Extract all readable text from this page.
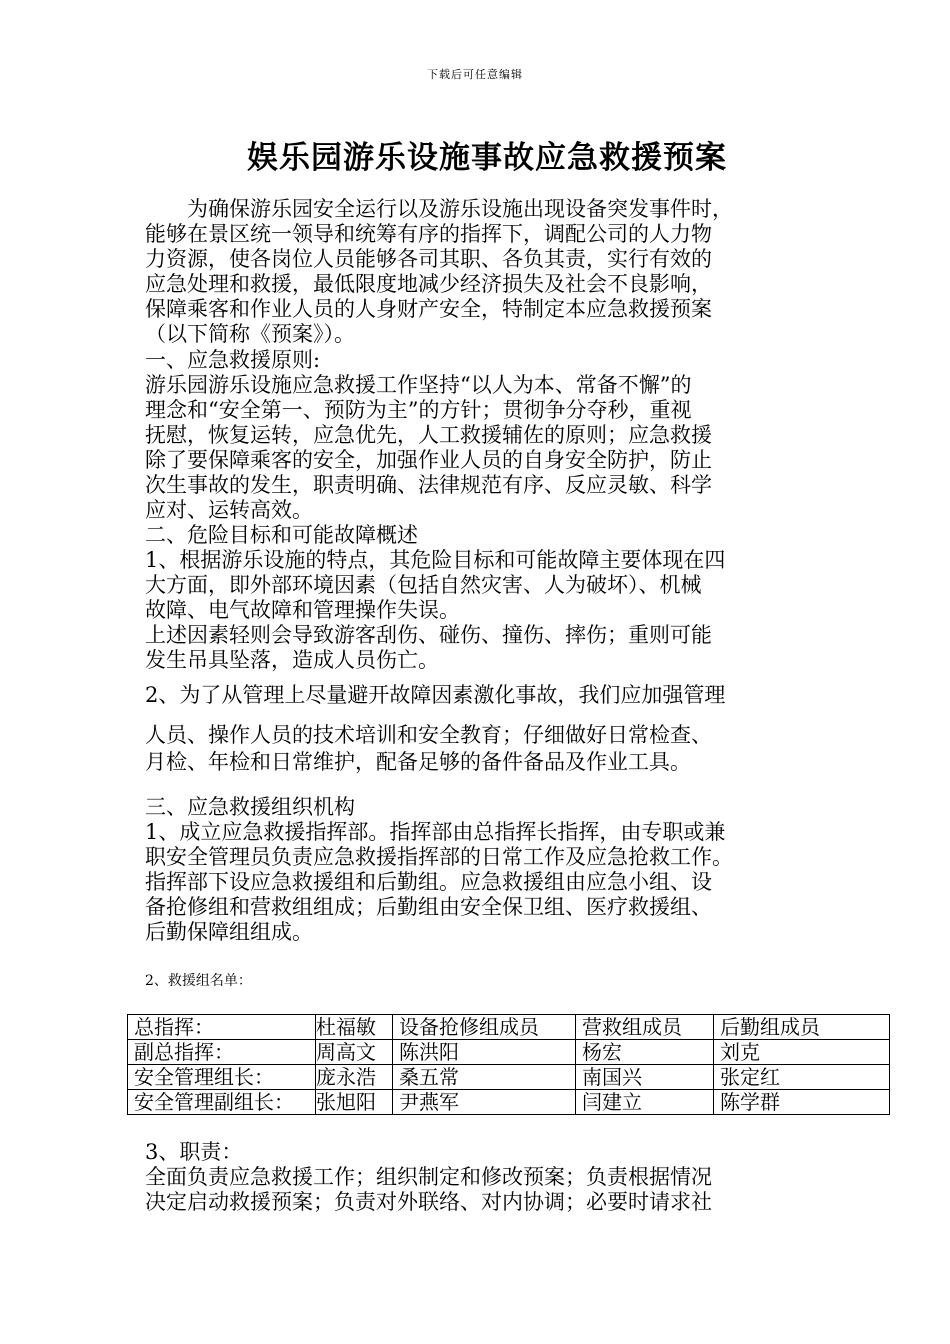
下载后可任意编辑
娱乐园游乐设施事故应急救援预案

　　为确保游乐园安全运行以及游乐设施出现设备突发事件时，
能够在景区统一领导和统筹有序的指挥下，调配公司的人力物
力资源，使各岗位人员能够各司其职、各负其责，实行有效的
应急处理和救援，最低限度地减少经济损失及社会不良影响，
保障乘客和作业人员的人身财产安全，特制定本应急救援预案
（以下简称《预案》）。

一、应急救援原则:

游乐园游乐设施应急救援工作坚持“以人为本、常备不懈”的
理念和“安全第一、预防为主”的方针；贯彻争分夺秒，重视
抚慰，恢复运转，应急优先，人工救援辅佐的原则；应急救援
除了要保障乘客的安全，加强作业人员的自身安全防护，防止
次生事故的发生，职责明确、法律规范有序、反应灵敏、科学
应对、运转高效。

二、危险目标和可能故障概述

1、根据游乐设施的特点，其危险目标和可能故障主要体现在四
大方面，即外部环境因素（包括自然灾害、人为破坏）、机械
故障、电气故障和管理操作失误。

上述因素轻则会导致游客刮伤、碰伤、撞伤、摔伤；重则可能
发生吊具坠落，造成人员伤亡。

2、为了从管理上尽量避开故障因素激化事故，我们应加强管理

人员、操作人员的技术培训和安全教育；仔细做好日常检查、
月检、年检和日常维护，配备足够的备件备品及作业工具。

三、应急救援组织机构

1、成立应急救援指挥部。指挥部由总指挥长指挥，由专职或兼
职安全管理员负责应急救援指挥部的日常工作及应急抢救工作。
指挥部下设应急救援组和后勤组。应急救援组由应急小组、设
备抢修组和营救组组成；后勤组由安全保卫组、医疗救援组、
后勤保障组组成。

2、救援组名单：
总指挥：	杜福敏	设备抢修组成员	营救组成员	后勤组成员
副总指挥：	周高文	陈洪阳	杨宏	刘克
安全管理组长：	庞永浩	桑五常	南国兴	张定红
安全管理副组长：	张旭阳	尹燕军	闫建立	陈学群

3、职责：

全面负责应急救援工作；组织制定和修改预案；负责根据情况
决定启动救援预案；负责对外联络、对内协调；必要时请求社
